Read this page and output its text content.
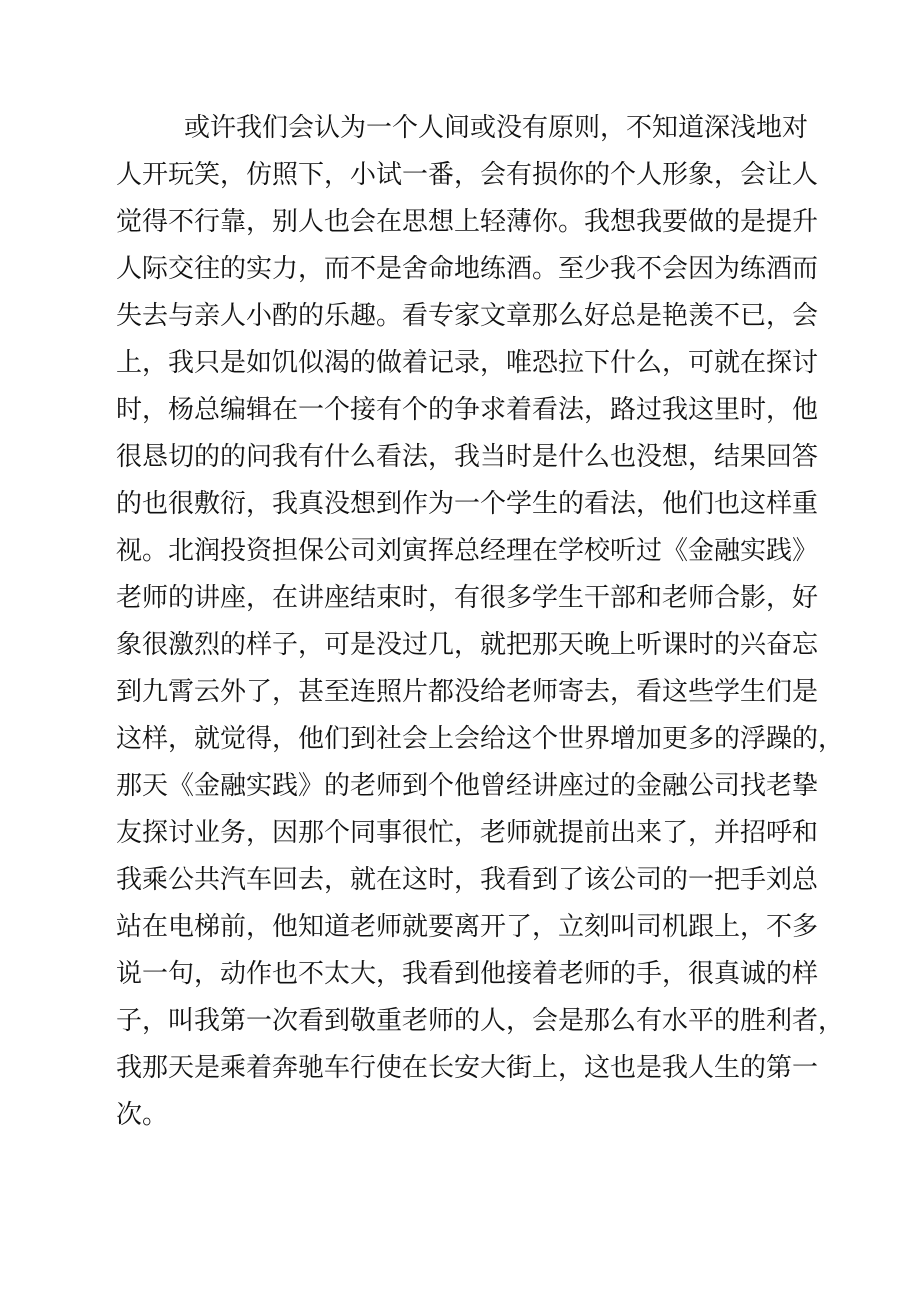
或许我们会认为一个人间或没有原则，不知道深浅地对
人开玩笑，仿照下，小试一番，会有损你的个人形象，会让人
觉得不行靠，别人也会在思想上轻薄你。我想我要做的是提升
人际交往的实力，而不是舍命地练酒。至少我不会因为练酒而
失去与亲人小酌的乐趣。看专家文章那么好总是艳羡不已，会
上，我只是如饥似渴的做着记录，唯恐拉下什么，可就在探讨
时，杨总编辑在一个接有个的争求着看法，路过我这里时，他
很恳切的的问我有什么看法，我当时是什么也没想，结果回答
的也很敷衍，我真没想到作为一个学生的看法，他们也这样重
视。北润投资担保公司刘寅挥总经理在学校听过《金融实践》
老师的讲座，在讲座结束时，有很多学生干部和老师合影，好
象很激烈的样子，可是没过几，就把那天晚上听课时的兴奋忘
到九霄云外了，甚至连照片都没给老师寄去，看这些学生们是
这样，就觉得，他们到社会上会给这个世界增加更多的浮躁的，
那天《金融实践》的老师到个他曾经讲座过的金融公司找老挚
友探讨业务，因那个同事很忙，老师就提前出来了，并招呼和
我乘公共汽车回去，就在这时，我看到了该公司的一把手刘总
站在电梯前，他知道老师就要离开了，立刻叫司机跟上，不多
说一句，动作也不太大，我看到他接着老师的手，很真诚的样
子，叫我第一次看到敬重老师的人，会是那么有水平的胜利者，
我那天是乘着奔驰车行使在长安大街上，这也是我人生的第一
次。
